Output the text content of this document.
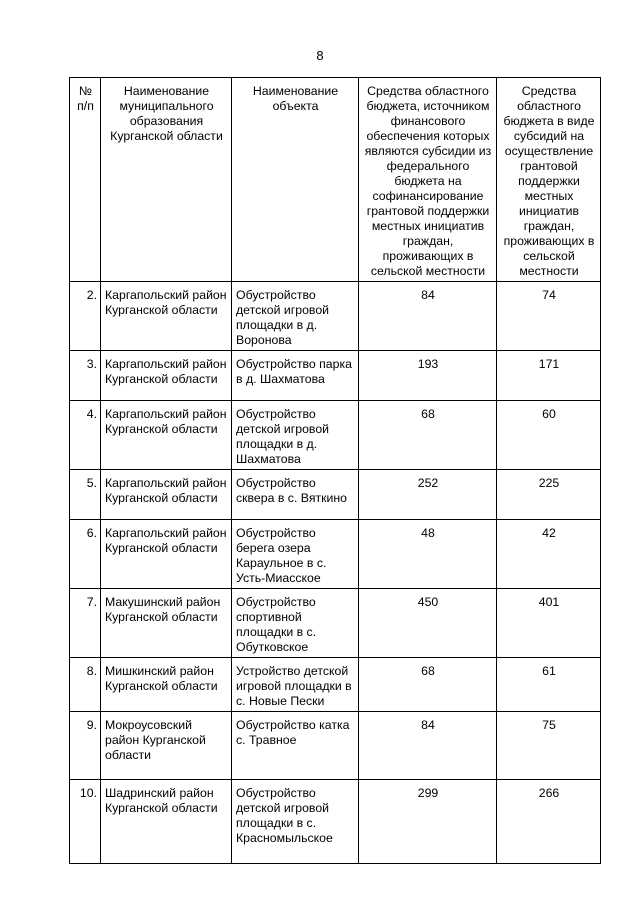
8
№ п/п	Наименование муниципального образования Курганской области	Наименование объекта	Средства областного бюджета, источником финансового обеспечения которых являются субсидии из федерального бюджета на софинансирование грантовой поддержки местных инициатив граждан, проживающих в сельской местности	Средства областного бюджета в виде субсидий на осуществление грантовой поддержки местных инициатив граждан, проживающих в сельской местности
2.	Каргапольский район Курганской области	Обустройство детской игровой площадки в д. Воронова	84	74
3.	Каргапольский район Курганской области	Обустройство парка в д. Шахматова	193	171
4.	Каргапольский район Курганской области	Обустройство детской игровой площадки в д. Шахматова	68	60
5.	Каргапольский район Курганской области	Обустройство сквера в с. Вяткино	252	225
6.	Каргапольский район Курганской области	Обустройство берега озера Караульное в с. Усть-Миасское	48	42
7.	Макушинский район Курганской области	Обустройство спортивной площадки в с. Обутковское	450	401
8.	Мишкинский район Курганской области	Устройство детской игровой площадки в с. Новые Пески	68	61
9.	Мокроусовский район Курганской области	Обустройство катка с. Травное	84	75
10.	Шадринский район Курганской области	Обустройство детской игровой площадки в с. Красномыльское	299	266
